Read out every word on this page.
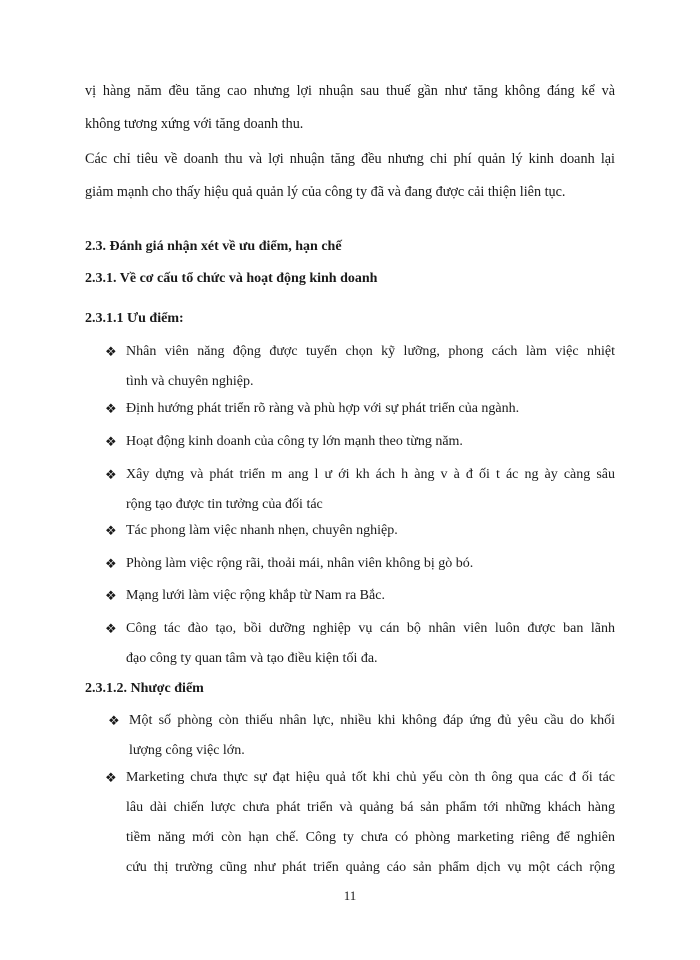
vị hàng năm đều tăng cao nhưng lợi nhuận sau thuế gần như tăng không đáng kể và
không tương xứng với tăng doanh thu.
Các chỉ tiêu về doanh thu và lợi nhuận tăng đều nhưng chi phí quản lý kinh doanh lại
giảm mạnh cho thấy hiệu quả quản lý của công ty đã và đang được cải thiện liên tục.
2.3. Đánh giá nhận xét về ưu điểm, hạn chế
2.3.1. Về cơ cấu tổ chức và hoạt động kinh doanh
2.3.1.1 Ưu điểm:
❖ Nhân viên năng động được tuyển chọn kỹ lưỡng, phong cách làm việc nhiệt
tình và chuyên nghiệp.
❖ Định hướng phát triển rõ ràng và phù hợp với sự phát triển của ngành.
❖ Hoạt động kinh doanh của công ty lớn mạnh theo từng năm.
❖ Xây dựng và phát triển m ang l ư ới kh ách h àng v à đ ối t ác ng ày càng sâu
rộng tạo được tin tưởng của đối tác
❖ Tác phong làm việc nhanh nhẹn, chuyên nghiệp.
❖ Phòng làm việc rộng rãi, thoải mái, nhân viên không bị gò bó.
❖ Mạng lưới làm việc rộng khắp từ Nam ra Bắc.
❖ Công tác đào tạo, bồi dưỡng nghiệp vụ cán bộ nhân viên luôn được ban lãnh
đạo công ty quan tâm và tạo điều kiện tối đa.
2.3.1.2. Nhược điểm
❖ Một số phòng còn thiếu nhân lực, nhiều khi không đáp ứng đủ yêu cầu do khối
lượng công việc lớn.
❖ Marketing chưa thực sự đạt hiệu quả tốt khi chủ yếu còn th ông qua các đ ối tác
lâu dài chiến lược chưa phát triển và quảng bá sản phẩm tới những khách hàng
tiềm năng mới còn hạn chế. Công ty chưa có phòng marketing riêng để nghiên
cứu thị trường cũng như phát triển quảng cáo sản phẩm dịch vụ một cách rộng
11
